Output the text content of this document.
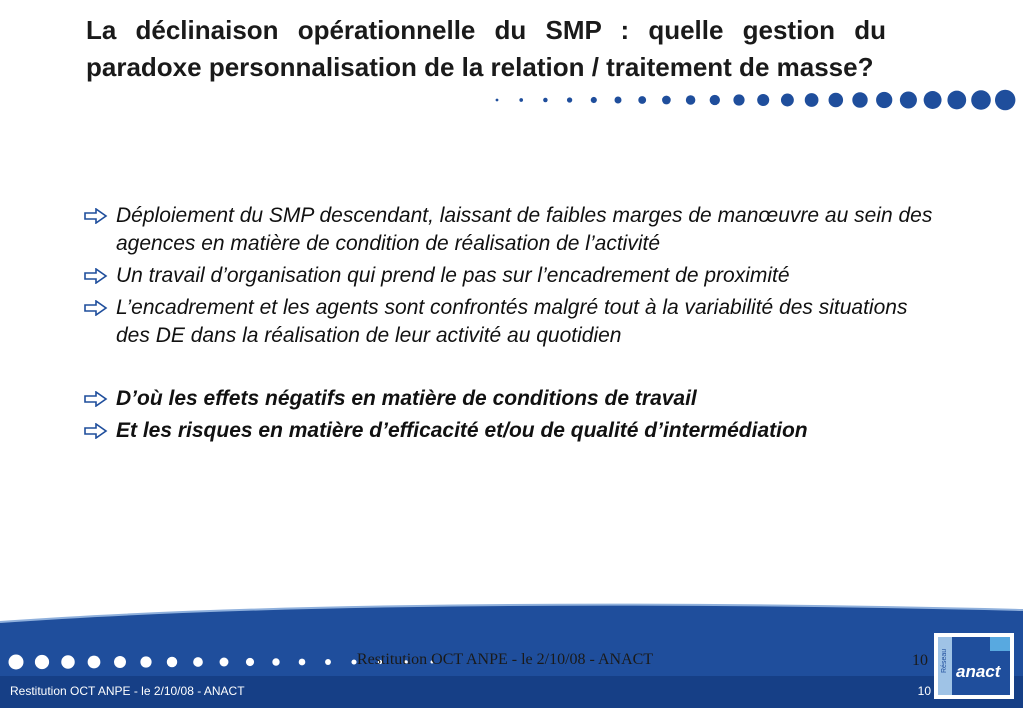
La déclinaison opérationnelle du SMP : quelle gestion du paradoxe personnalisation de la relation / traitement de masse?
Déploiement du SMP descendant, laissant de faibles marges de manœuvre au sein des agences en matière de condition de réalisation de l’activité
Un travail d’organisation qui prend le pas sur l’encadrement de proximité
L’encadrement et les agents sont confrontés malgré tout à la variabilité des situations des DE dans la réalisation de leur activité au quotidien
D’où les effets négatifs en matière de conditions de travail
Et les risques en matière d’efficacité et/ou de qualité d’intermédiation
Restitution OCT ANPE - le 2/10/08 - ANACT	10
Restitution OCT ANPE - le 2/10/08 - ANACT	10
Réseau anact
